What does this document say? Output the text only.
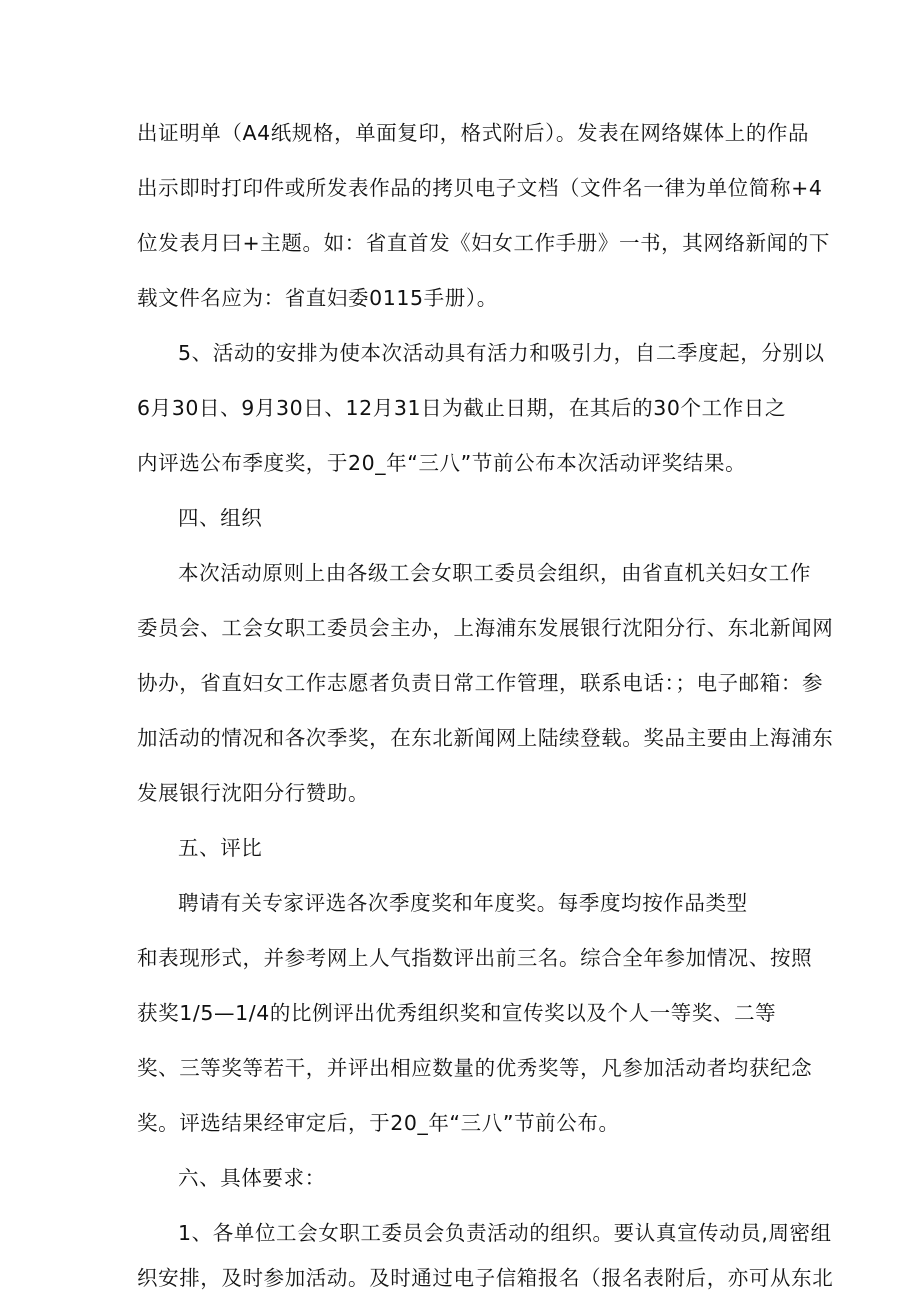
出证明单（A4纸规格，单面复印，格式附后）。发表在网络媒体上的作品
出示即时打印件或所发表作品的拷贝电子文档（文件名一律为单位简称+4
位发表月曰+主题。如：省直首发《妇女工作手册》一书，其网络新闻的下
载文件名应为：省直妇委0115手册）。
5、活动的安排为使本次活动具有活力和吸引力，自二季度起，分别以
6月30日、9月30日、12月31日为截止日期，在其后的30个工作日之
内评选公布季度奖，于20_年“三八”节前公布本次活动评奖结果。
四、组织
本次活动原则上由各级工会女职工委员会组织，由省直机关妇女工作
委员会、工会女职工委员会主办，上海浦东发展银行沈阳分行、东北新闻网
协办，省直妇女工作志愿者负责日常工作管理，联系电话：；电子邮箱：参
加活动的情况和各次季奖，在东北新闻网上陆续登载。奖品主要由上海浦东
发展银行沈阳分行赞助。
五、评比
聘请有关专家评选各次季度奖和年度奖。每季度均按作品类型
和表现形式，并参考网上人气指数评出前三名。综合全年参加情况、按照
获奖1/5—1/4的比例评出优秀组织奖和宣传奖以及个人一等奖、二等
奖、三等奖等若干，并评出相应数量的优秀奖等，凡参加活动者均获纪念
奖。评选结果经审定后，于20_年“三八”节前公布。
六、具体要求：
1、各单位工会女职工委员会负责活动的组织。要认真宣传动员,周密组
织安排，及时参加活动。及时通过电子信箱报名（报名表附后，亦可从东北
